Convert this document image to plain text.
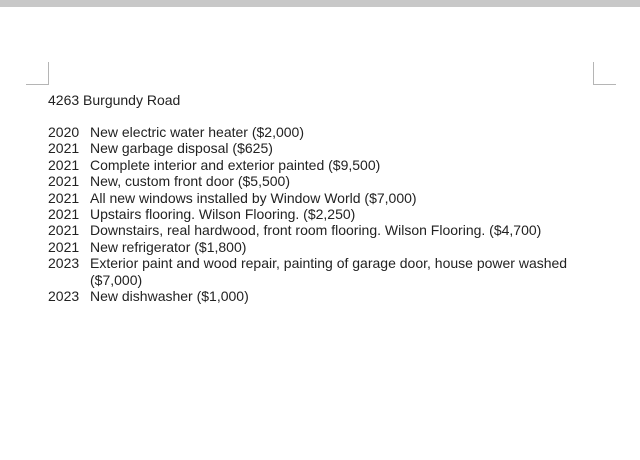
4263 Burgundy Road
2020 New electric water heater ($2,000)
2021 New garbage disposal ($625)
2021 Complete interior and exterior painted ($9,500)
2021 New, custom front door ($5,500)
2021 All new windows installed by Window World ($7,000)
2021 Upstairs flooring. Wilson Flooring. ($2,250)
2021 Downstairs, real hardwood, front room flooring. Wilson Flooring. ($4,700)
2021 New refrigerator ($1,800)
2023 Exterior paint and wood repair, painting of garage door, house power washed ($7,000)
2023 New dishwasher ($1,000)
